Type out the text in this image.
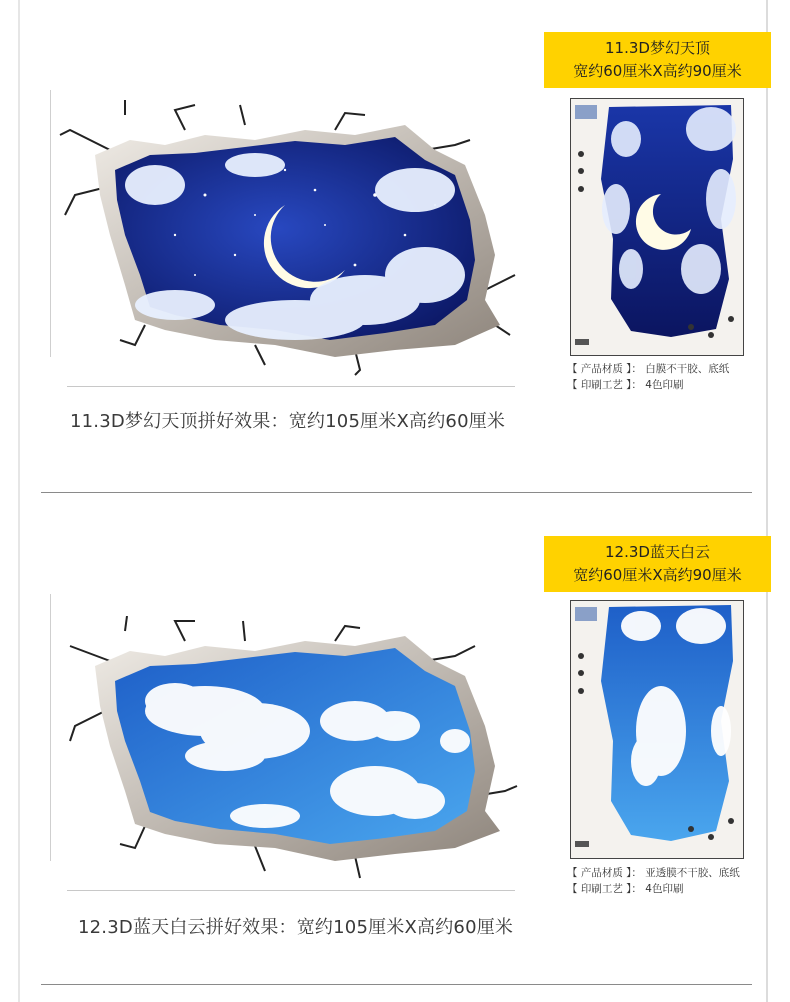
11.3D梦幻天顶
宽约60厘米X高约90厘米
11.3D梦幻天顶拼好效果：宽约105厘米X高约60厘米
【 产品材质 】： 白膜不干胶、底纸
【 印刷工艺 】： 4色印刷
12.3D蓝天白云
宽约60厘米X高约90厘米
12.3D蓝天白云拼好效果：宽约105厘米X高约60厘米
【 产品材质 】： 亚透膜不干胶、底纸
【 印刷工艺 】： 4色印刷
